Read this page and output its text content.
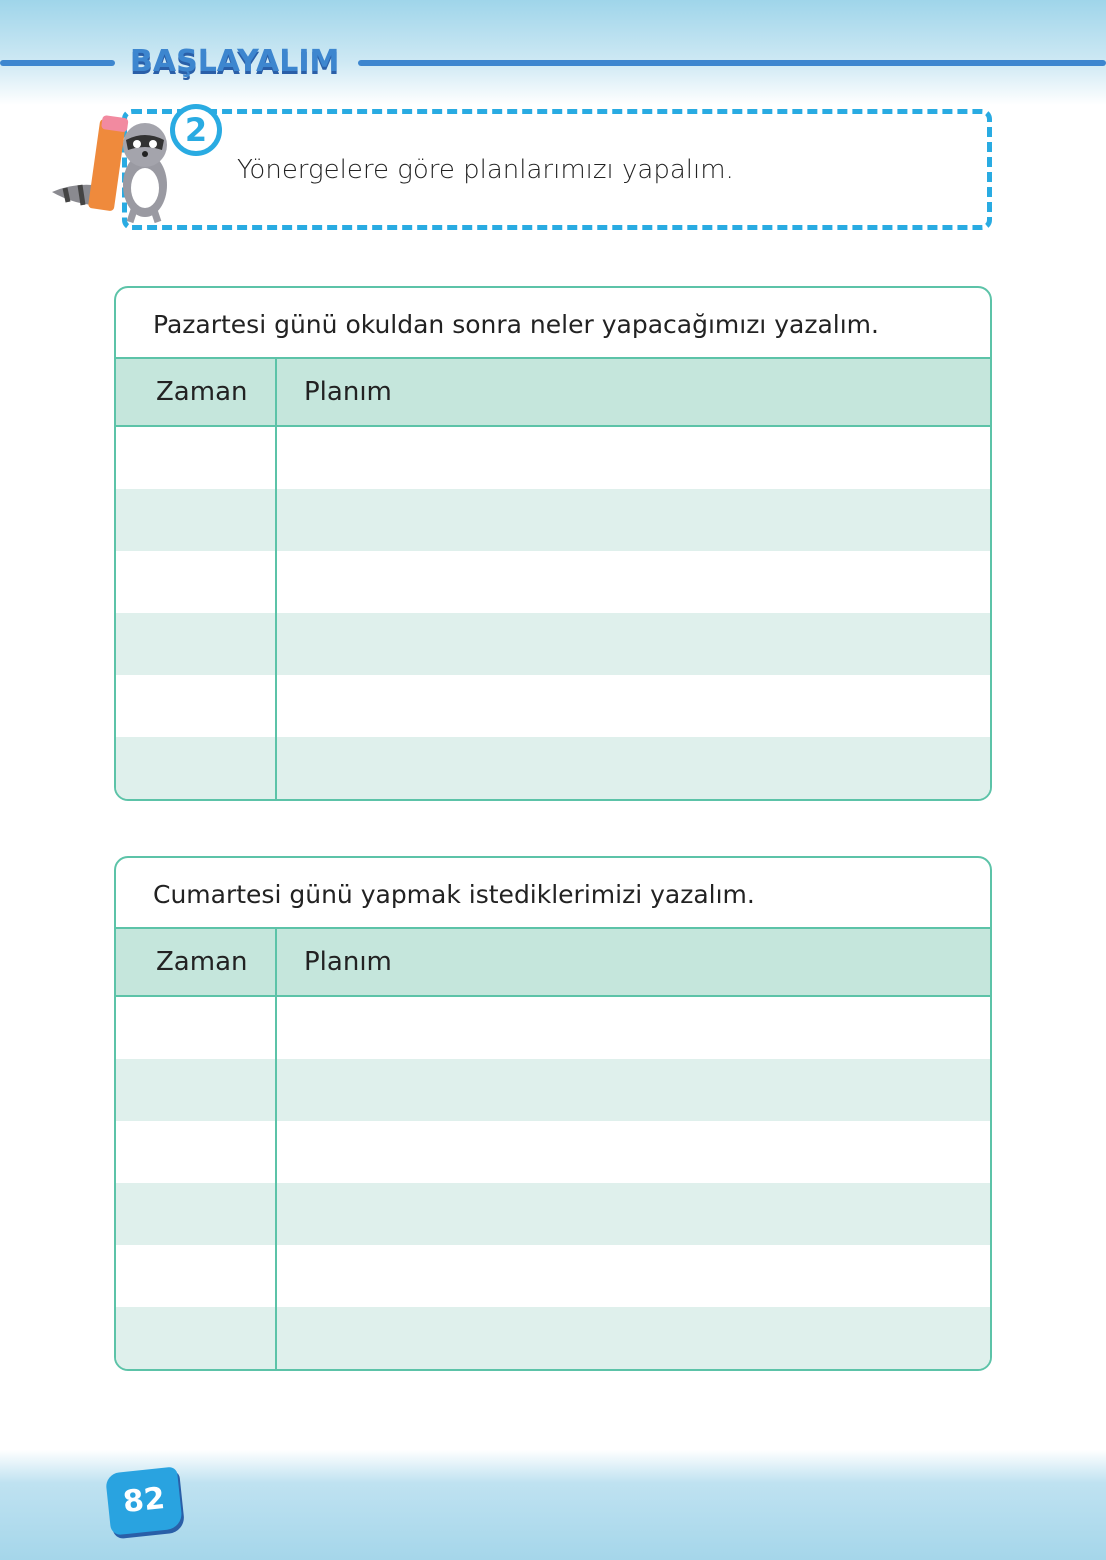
BAŞLAYALIM
2
Yönergelere göre planlarımızı yapalım.
Pazartesi günü okuldan sonra neler yapacağımızı yazalım.
Zaman	Planım
Cumartesi günü yapmak istediklerimizi yazalım.
Zaman	Planım
82
